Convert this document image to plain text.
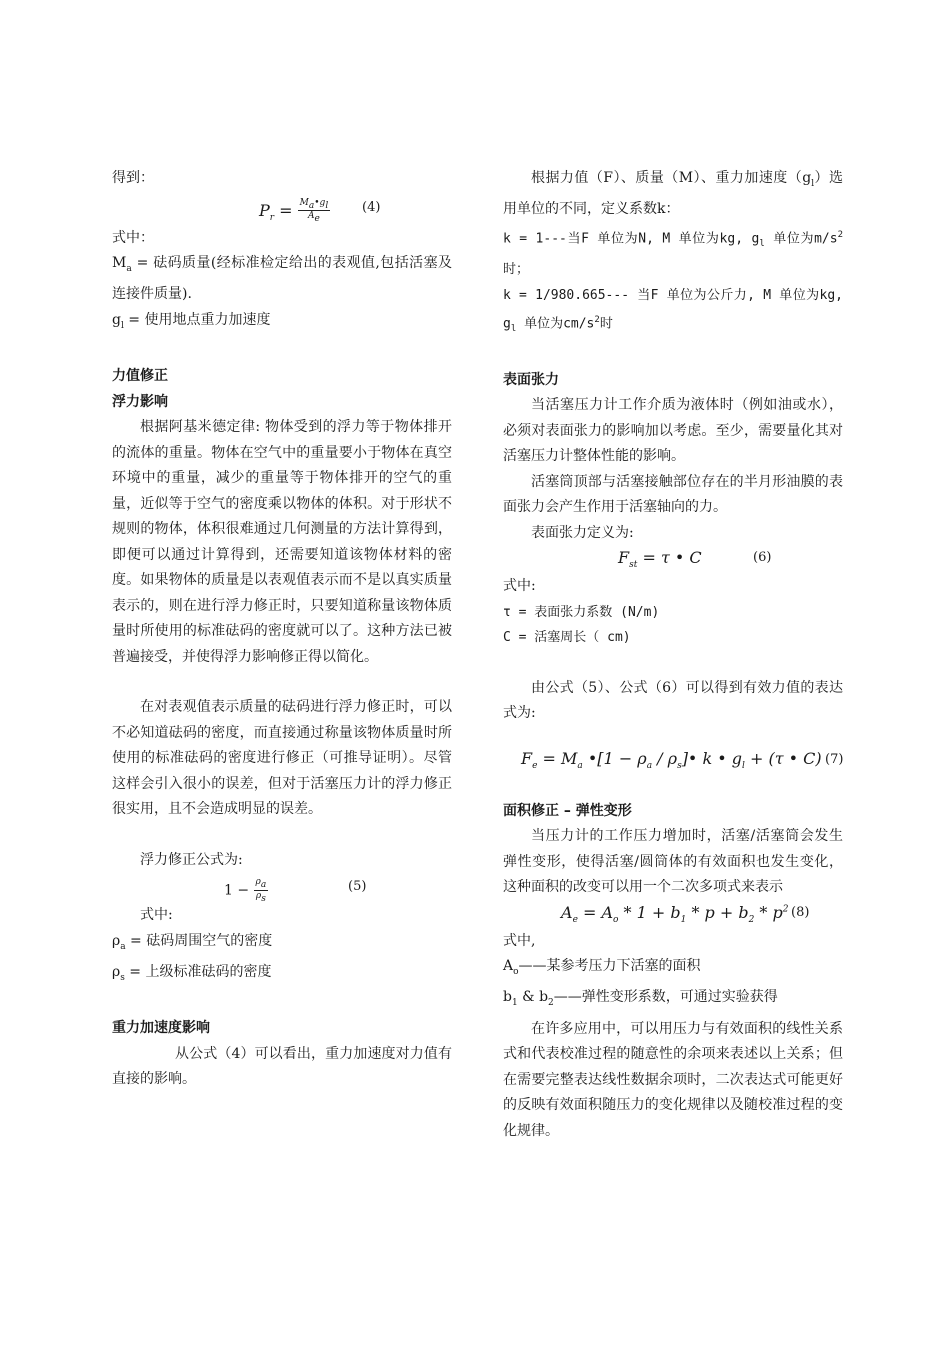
得到：

$P_r = \frac{M_a•g_l}{A_e} (4)$

式中：

$M_a$ = 砝码质量(经标准检定给出的表观值,包括活塞及连接件质量).

$g_l$ = 使用地点重力加速度

力值修正

浮力影响

根据阿基米德定律: 物体受到的浮力等于物体排开的流体的重量。物体在空气中的重量要小于物体在真空环境中的重量，减少的重量等于物体排开的空气的重量，近似等于空气的密度乘以物体的体积。对于形状不规则的物体，体积很难通过几何测量的方法计算得到，即便可以通过计算得到，还需要知道该物体材料的密度。如果物体的质量是以表观值表示而不是以真实质量表示的，则在进行浮力修正时，只要知道称量该物体质量时所使用的标准砝码的密度就可以了。这种方法已被普遍接受，并使得浮力影响修正得以简化。

在对表观值表示质量的砝码进行浮力修正时，可以不必知道砝码的密度，而直接通过称量该物体质量时所使用的标准砝码的密度进行修正（可推导证明）。尽管这样会引入很小的误差，但对于活塞压力计的浮力修正很实用，且不会造成明显的误差。

浮力修正公式为:

$1 - \frac{\rho_a}{\rho_s}$	(5)

式中:

$\rho_a$ = 砝码周围空气的密度

$\rho_s$ = 上级标准砝码的密度

重力加速度影响

从公式（4）可以看出，重力加速度对力值有直接的影响。

根据力值（F）、质量（M）、重力加速度$(g_l)$选用单位的不同，定义系数k：

k = 1---当F 单位为N, M 单位为kg, $g_l$ 单位为$m/s^2$时；

k = 1/980.665--- 当F 单位为公斤力, M 单位为kg, $g_l$ 单位为$cm/s^2$时

表面张力

当活塞压力计工作介质为液体时（例如油或水），必须对表面张力的影响加以考虑。至少，需要量化其对活塞压力计整体性能的影响。

活塞筒顶部与活塞接触部位存在的半月形油膜的表面张力会产生作用于活塞轴向的力。

表面张力定义为:

$F_{st} = \tau$ • C	(6)

式中:

τ = 表面张力系数 (N/m)

C = 活塞周长（ cm)

由公式（5）、公式（6）可以得到有效力值的表达式为:

$F_e = M_a$ •[1 − $\rho_a$ / $\rho_s]•$ k • $g_l + (\tau$ • C) (7)

面积修正 – 弹性变形

当压力计的工作压力增加时，活塞/活塞筒会发生弹性变形，使得活塞/圆筒体的有效面积也发生变化，这种面积的改变可以用一个二次多项式来表示

$A_e = A_o * 1 + b_1 * p + b_2 * p^2$ (8)

式中,

$A_o——$某参考压力下活塞的面积

$b_1$ & $b_2——$弹性变形系数，可通过实验获得

在许多应用中，可以用压力与有效面积的线性关系式和代表校准过程的随意性的余项来表述以上关系；但在需要完整表达线性数据余项时，二次表达式可能更好的反映有效面积随压力的变化规律以及随校准过程的变化规律。
